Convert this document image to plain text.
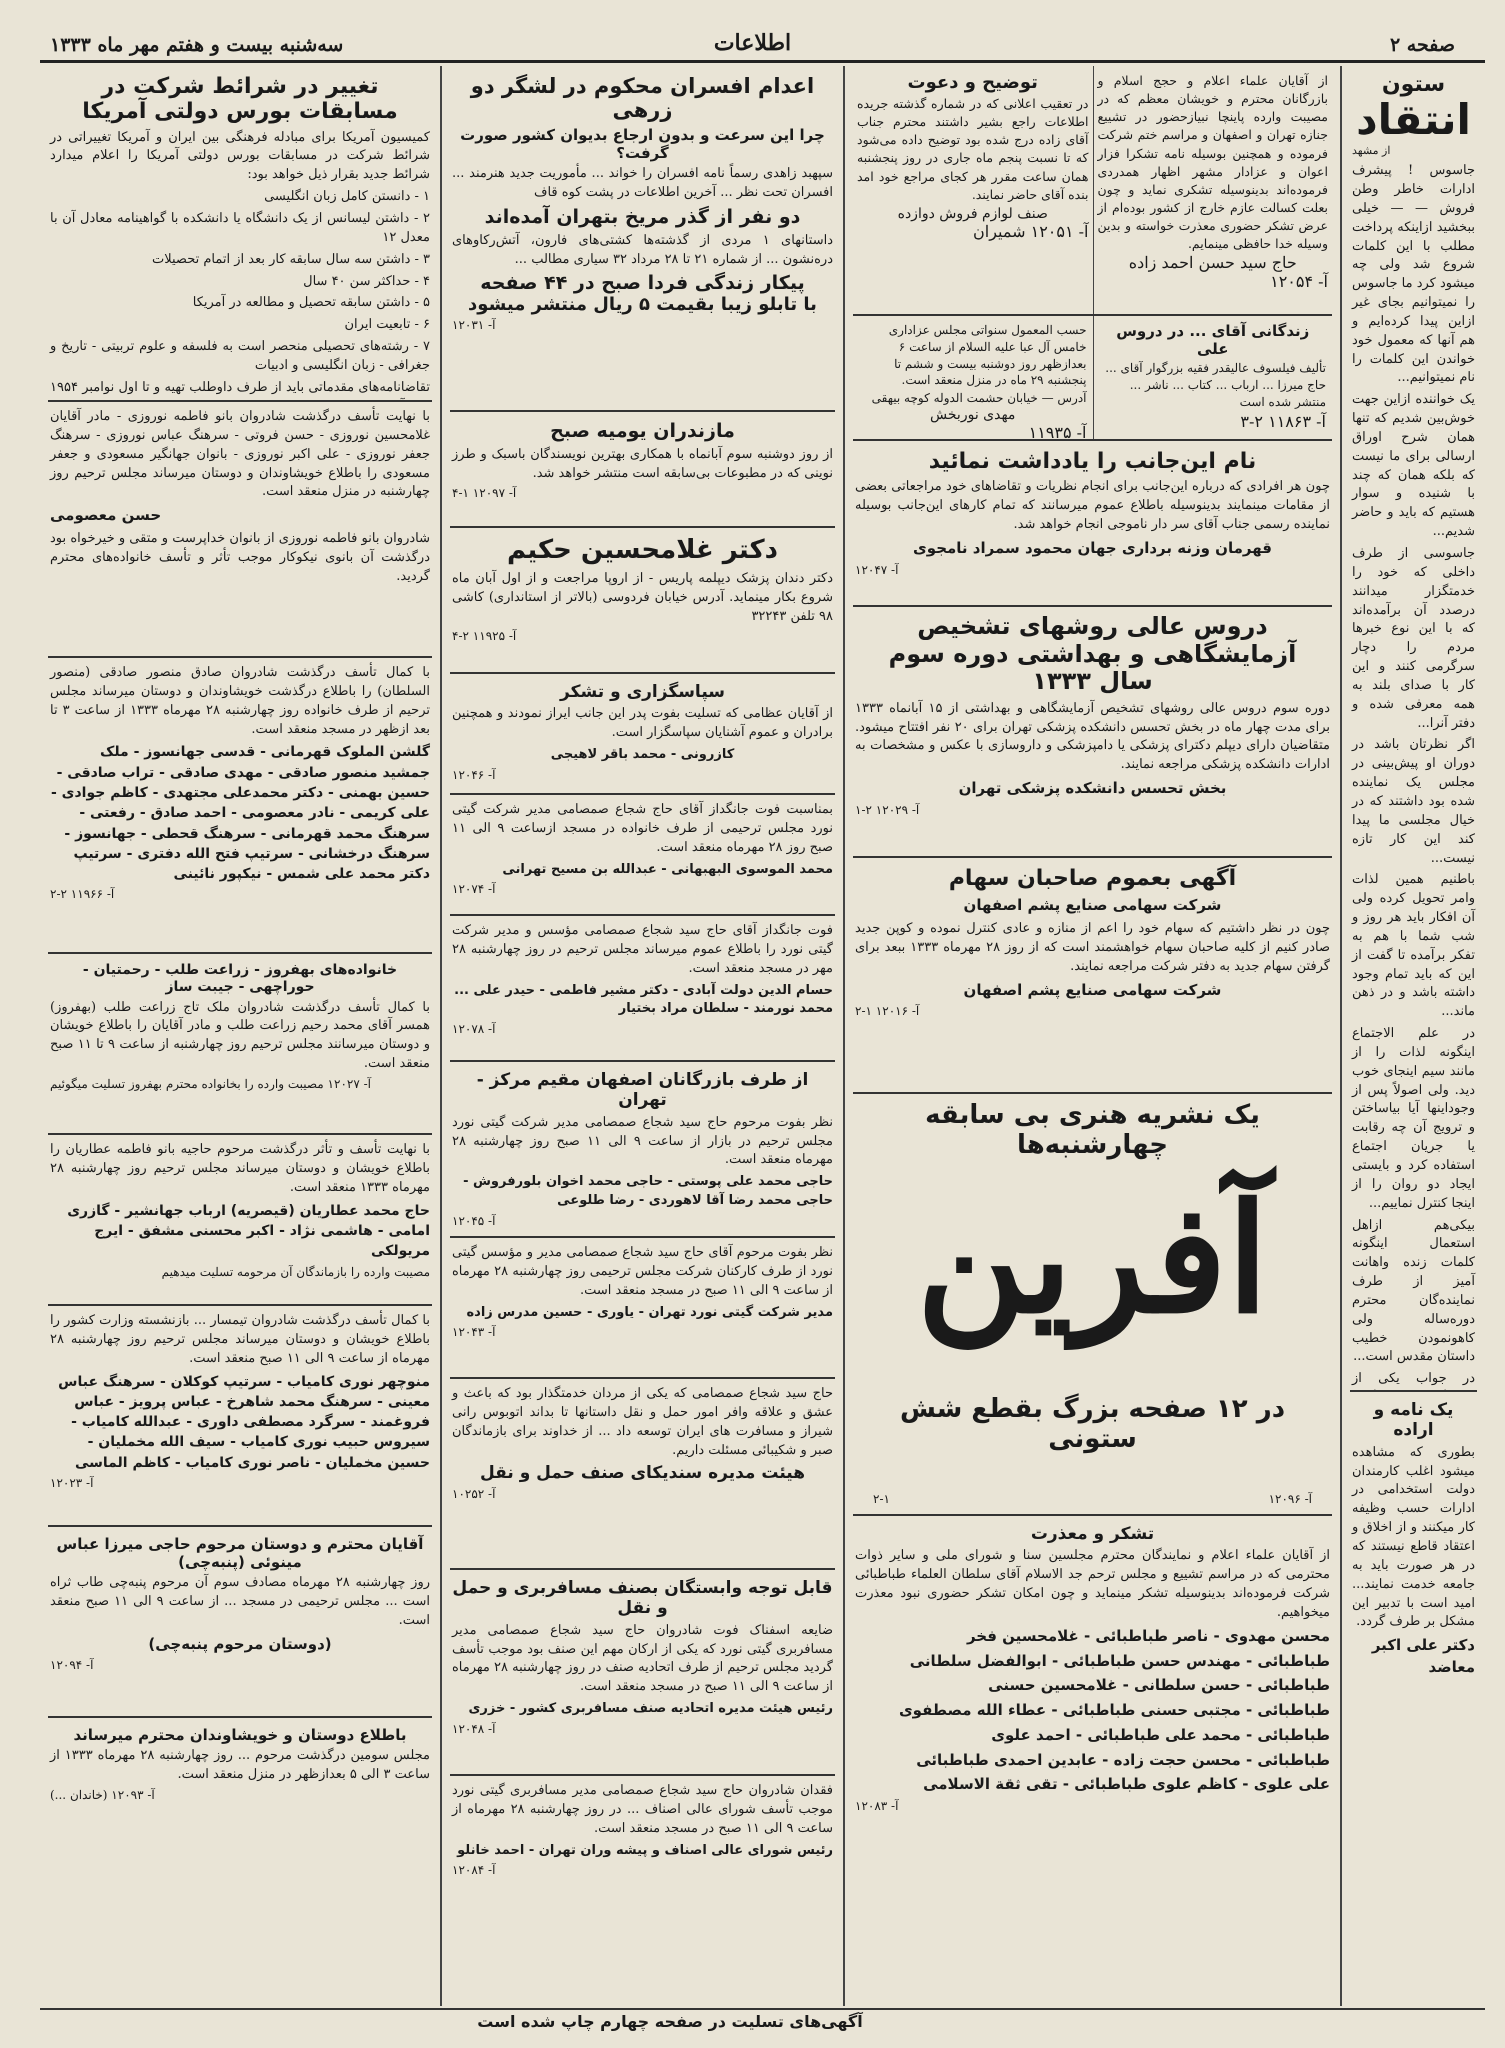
صفحه ۲
اطلاعات
سه‌شنبه بیست و هفتم مهر ماه ۱۳۳۳
ستون
انتقاد

از مشهد

جاسوس ! پیشرف ادارات خاطر وطن فروش — — خیلی ببخشید ازاینکه پرداخت مطلب با این کلمات شروع شد ولی چه میشود کرد ما جاسوس را نمیتوانیم بجای غیر ازاین پیدا کرده‌ایم و هم آنها که معمول خود خواندن این کلمات را نام نمیتوانیم...

یک خواننده ازاین جهت خوش‌بین شدیم که تنها همان شرح اوراق ارسالی برای ما نیست که بلکه همان که چند با شنیده و سوار هستیم که باید و حاضر شدیم...

جاسوسی از طرف داخلی که خود را خدمتگزار میدانند درصدد آن برآمده‌اند که با این نوع خبرها مردم را دچار سرگرمی کنند و این کار با صدای بلند به همه معرفی شده و دفتر آنرا...

اگر نظرتان باشد در دوران او پیش‌بینی در مجلس یک نماینده شده بود داشتند که در خیال مجلسی ما پیدا کند این کار تازه نیست...

باطنیم همین لذات وامر تحویل کرده ولی آن افکار باید هر روز و شب شما با هم به تفکر برآمده تا گفت از این که باید تمام وجود داشته باشد و در ذهن ماند...

در علم الاجتماع اینگونه لذات را از مانند سیم اینجای خوب دید. ولی اصولاً پس از وجوداینها آیا بیاساختن و ترویج آن چه رقابت یا جریان اجتماع استفاده کرد و بایستی ایجاد دو روان را از اینجا کنترل نماییم...

بیکی‌هم ازاهل استعمال اینگونه کلمات زنده واهانت آمیز از طرف نماینده‌گان محترم دوره‌ساله ولی کاهونمودن خطیب داستان مقدس است...

در جواب یکی از

یک نامه و اراده

بطوری که مشاهده میشود اغلب کارمندان دولت استخدامی در ادارات حسب وظیفه کار میکنند و از اخلاق و اعتقاد قاطع نیستند که در هر صورت باید به جامعه خدمت نمایند... امید است با تدبیر این مشکل بر طرف گردد.

دکتر علی اکبر معاضد

از آقایان علماء اعلام و حجج اسلام و بازرگانان محترم و خویشان معظم که در مصیبت وارده پاینچا نبیازحضور در تشییع جنازه تهران و اصفهان و مراسم ختم شرکت فرموده و همچنین بوسیله نامه تشکرا فزار اعوان و عزادار مشهر اظهار همدردی فرموده‌اند بدینوسیله تشکری نماید و چون بعلت کسالت عازم خارج از کشور بوده‌ام از عرض تشکر حضوری معذرت خواسته و بدین وسیله خدا حافظی مینمایم.

حاج سید حسن احمد زاده
آ- ۱۲۰۵۴
توضیح و دعوت

در تعقیب اعلانی که در شماره گذشته جریده اطلاعات راجع بشیر داشتند محترم جناب آقای زاده درج شده بود توضیح داده می‌شود که تا نسبت پنجم ماه جاری در روز پنجشنبه همان ساعت مقرر هر کجای مراجع خود امد بنده آقای حاضر نمایند.

صنف لوازم فروش دوازده
آ- ۱۲۰۵۱ شمیران
زندگانی آقای ... در دروس علی

تألیف فیلسوف عالیقدر فقیه بزرگوار آقای ... حاج میرزا ... ارباب ... کتاب ... ناشر ... منتشر شده است

آ- ۱۱۸۶۳ ۲-۳

حسب المعمول سنواتی مجلس عزاداری خامس آل عبا علیه السلام از ساعت ۶ بعدازظهر روز دوشنبه بیست و ششم تا پنجشنبه ۲۹ ماه در منزل منعقد است.

آدرس — خیابان حشمت الدوله کوچه بیهقی

مهدی نوربخش
آ- ۱۱۹۳۵
نام این‌جانب را یادداشت نمائید

چون هر افرادی که درباره این‌جانب برای انجام نظریات و تقاضاهای خود مراجعاتی بعضی از مقامات مینمایند بدینوسیله باطلاع عموم میرسانند که تمام کارهای این‌جانب بوسیله نماینده رسمی جناب آقای سر دار ناموجی انجام خواهد شد.

قهرمان وزنه برداری جهان محمود سمراد نامجوی
آ- ۱۲۰۴۷
دروس عالی روشهای تشخیص
آزمایشگاهی و بهداشتی دوره سوم
سال ۱۳۳۳

دوره سوم دروس عالی روشهای تشخیص آزمایشگاهی و بهداشتی از ۱۵ آبانماه ۱۳۳۳ برای مدت چهار ماه در بخش تحسس دانشکده پزشکی تهران برای ۲۰ نفر افتتاح میشود. متقاضیان دارای دیپلم دکترای پزشکی یا دامپزشکی و داروسازی با عکس و مشخصات به ادارات دانشکده پزشکی مراجعه نمایند.

بخش تحسس دانشکده پزشکی تهران
آ- ۱۲۰۲۹ ۲-۱
آگهی بعموم صاحبان سهام
شرکت سهامی صنایع پشم اصفهان

چون در نظر داشتیم که سهام خود را اعم از منازه و عادی کنترل نموده و کوپن جدید صادر کنیم از کلیه صاحبان سهام خواهشمند است که از روز ۲۸ مهرماه ۱۳۳۳ ببعد برای گرفتن سهام جدید به دفتر شرکت مراجعه نمایند.

شرکت سهامی صنایع پشم اصفهان
آ- ۱۲۰۱۶ ۱-۲
یک نشریه هنری بی سابقه چهارشنبه‌ها
آفرین
در ۱۲ صفحه بزرگ بقطع شش ستونی
۲-۱	آ- ۱۲۰۹۶
تشکر و معذرت

از آقایان علماء اعلام و نمایندگان محترم مجلسین سنا و شورای ملی و سایر ذوات محترمی که در مراسم تشییع و مجلس ترحم جد الاسلام آقای سلطان العلماء طباطبائی شرکت فرموده‌اند بدینوسیله تشکر مینماید و چون امکان تشکر حضوری نبود معذرت میخواهیم.

محسن مهدوی - ناصر طباطبائی - غلامحسین فخر
طباطبائی - مهندس حسن طباطبائی - ابوالفضل سلطانی
طباطبائی - حسن سلطانی - غلامحسین حسنی
طباطبائی - مجتبی حسنی طباطبائی - عطاء الله مصطفوی
طباطبائی - محمد علی طباطبائی - احمد علوی
طباطبائی - محسن حجت زاده - عابدین احمدی طباطبائی
علی علوی - کاظم علوی طباطبائی - تقی ثقة الاسلامی
آ- ۱۲۰۸۳
اعدام افسران محکوم در لشگر دو زرهی
چرا این سرعت و بدون ارجاع بدیوان کشور صورت گرفت؟

سپهبد زاهدی رسماً نامه افسران را خواند ... مأموریت جدید هنرمند ... افسران تحت نظر ... آخرین اطلاعات در پشت کوه قاف

دو نفر از گذر مریخ بتهران آمده‌اند

داستانهای ۱ مردی از گذشته‌ها کشتی‌های فارون، آتش‌رکاوهای دره‌نشون ... از شماره ۲۱ تا ۲۸ مرداد ۳۲ سیاری مطالب ...

پیکار زندگی فردا صبح در ۴۴ صفحه
با تابلو زیبا بقیمت ۵ ریال منتشر میشود
آ- ۱۲۰۳۱
مازندران یومیه صبح

از روز دوشنبه سوم آبانماه با همکاری بهترین نویسندگان باسبک و طرز نوینی که در مطبوعات بی‌سابقه است منتشر خواهد شد.

آ- ۱۲۰۹۷ ۱-۴
دکتر غلامحسین حکیم

دکتر دندان پزشک دیپلمه پاریس - از اروپا مراجعت و از اول آبان ماه شروع بکار مینماید. آدرس خیابان فردوسی (بالاتر از استانداری) کاشی ۹۸ تلفن ۳۲۲۴۳

آ- ۱۱۹۲۵ ۲-۴
سپاسگزاری و تشکر

از آقایان عظامی که تسلیت بفوت پدر این جانب ایراز نمودند و همچنین برادران و عموم آشنایان سپاسگزار است.

کازرونی - محمد باقر لاهیجی
آ- ۱۲۰۴۶

بمناسبت فوت جانگداز آقای حاج شجاع صمصامی مدیر شرکت گیتی نورد مجلس ترحیمی از طرف خانواده در مسجد ازساعت ۹ الی ۱۱ صبح روز ۲۸ مهرماه منعقد است.

محمد الموسوی البهبهانی - عبدالله بن مسیح تهرانی
آ- ۱۲۰۷۴

فوت جانگداز آقای حاج سید شجاع صمصامی مؤسس و مدیر شرکت گیتی نورد را باطلاع عموم میرساند مجلس ترحیم در روز چهارشنبه ۲۸ مهر در مسجد منعقد است.

حسام الدین دولت آبادی - دکتر مشیر فاطمی - حیدر علی ... محمد نورمند - سلطان مراد بختیار
آ- ۱۲۰۷۸
از طرف بازرگانان اصفهان مقیم مرکز - تهران

نظر بفوت مرحوم حاج سید شجاع صمصامی مدیر شرکت گیتی نورد مجلس ترحیم در بازار از ساعت ۹ الی ۱۱ صبح روز چهارشنبه ۲۸ مهرماه منعقد است.

حاجی محمد علی پوستی - حاجی محمد اخوان بلورفروش - حاجی محمد رضا آقا لاهوردی - رضا طلوعی
آ- ۱۲۰۴۵

نظر بفوت مرحوم آقای حاج سید شجاع صمصامی مدیر و مؤسس گیتی نورد از طرف کارکنان شرکت مجلس ترحیمی روز چهارشنبه ۲۸ مهرماه از ساعت ۹ الی ۱۱ صبح در مسجد منعقد است.

مدیر شرکت گیتی نورد تهران - یاوری - حسین مدرس زاده
آ- ۱۲۰۴۳

حاج سید شجاع صمصامی که یکی از مردان خدمتگذار بود که باعث و عشق و علاقه وافر امور حمل و نقل داستانها تا بداند اتوبوس رانی شیراز و مسافرت های ایران توسعه داد ... از خداوند برای بازماندگان صبر و شکیبائی مسئلت داریم.

هیئت مدیره سندیکای صنف حمل و نقل
آ- ۱۰۲۵۲
قابل توجه وابستگان بصنف مسافربری و حمل و نقل

ضایعه اسفناک فوت شادروان حاج سید شجاع صمصامی مدیر مسافربری گیتی نورد که یکی از ارکان مهم این صنف بود موجب تأسف گردید مجلس ترحیم از طرف اتحادیه صنف در روز چهارشنبه ۲۸ مهرماه از ساعت ۹ الی ۱۱ صبح در مسجد منعقد است.

رئیس هیئت مدیره اتحادیه صنف مسافربری کشور - خزری
آ- ۱۲۰۴۸

فقدان شادروان حاج سید شجاع صمصامی مدیر مسافربری گیتی نورد موجب تأسف شورای عالی اصناف ... در روز چهارشنبه ۲۸ مهرماه از ساعت ۹ الی ۱۱ صبح در مسجد منعقد است.

رئیس شورای عالی اصناف و پیشه وران تهران - احمد خانلو
آ- ۱۲۰۸۴
تغییر در شرائط شرکت در مسابقات بورس دولتی آمریکا

کمیسیون آمریکا برای مبادله فرهنگی بین ایران و آمریکا تغییراتی در شرائط شرکت در مسابقات بورس دولتی آمریکا را اعلام میدارد شرائط جدید بقرار ذیل خواهد بود:

۱ - دانستن کامل زبان انگلیسی

۲ - داشتن لیسانس از یک دانشگاه یا دانشکده با گواهینامه معادل آن با معدل ۱۲

۳ - داشتن سه سال سابقه کار بعد از اتمام تحصیلات

۴ - حداکثر سن ۴۰ سال

۵ - داشتن سابقه تحصیل و مطالعه در آمریکا

۶ - تابعیت ایران

۷ - رشته‌های تحصیلی منحصر است به فلسفه و علوم تربیتی - تاریخ و جغرافی - زبان انگلیسی و ادبیات

تقاضانامه‌های مقدماتی باید از طرف داوطلب تهیه و تا اول نوامبر ۱۹۵۴

با نهایت تأسف درگذشت شادروان بانو فاطمه نوروزی - مادر آقایان غلامحسین نوروزی - حسن فروتی - سرهنگ عباس نوروزی - سرهنگ جعفر نوروزی - علی اکبر نوروزی - بانوان جهانگیر مسعودی و جعفر مسعودی را باطلاع خویشاوندان و دوستان میرساند مجلس ترحیم روز چهارشنبه در منزل منعقد است.

حسن معصومی

شادروان بانو فاطمه نوروزی از بانوان خداپرست و متقی و خیرخواه بود درگذشت آن بانوی نیکوکار موجب تأثر و تأسف خانواده‌های محترم گردید.

با کمال تأسف درگذشت شادروان صادق منصور صادقی (منصور السلطان) را باطلاع درگذشت خویشاوندان و دوستان میرساند مجلس ترحیم از طرف خانواده روز چهارشنبه ۲۸ مهرماه ۱۳۳۳ از ساعت ۳ تا بعد ازظهر در مسجد منعقد است.

گلشن الملوک قهرمانی - قدسی جهانسوز - ملک جمشید منصور صادقی - مهدی صادقی - تراب صادقی - حسین بهمنی - دکتر محمدعلی مجتهدی - کاظم جوادی - علی کریمی - نادر معصومی - احمد صادق - رفعتی - سرهنگ محمد قهرمانی - سرهنگ قحطی - جهانسوز - سرهنگ درخشانی - سرتیپ فتح الله دفتری - سرتیپ دکتر محمد علی شمس - نیکپور نائینی
آ- ۱۱۹۶۶ ۲-۲
خانواده‌های بهفروز - زراعت طلب - رحمتیان - حوراچهی - جیبت ساز

با کمال تأسف درگذشت شادروان ملک تاج زراعت طلب (بهفروز) همسر آقای محمد رحیم زراعت طلب و مادر آقایان را باطلاع خویشان و دوستان میرسانند مجلس ترحیم روز چهارشنبه از ساعت ۹ تا ۱۱ صبح منعقد است.

آ- ۱۲۰۲۷ مصیبت وارده را بخانواده محترم بهفروز تسلیت میگوئیم

با نهایت تأسف و تأثر درگذشت مرحوم حاجیه بانو فاطمه عطاریان را باطلاع خویشان و دوستان میرساند مجلس ترحیم روز چهارشنبه ۲۸ مهرماه ۱۳۳۳ منعقد است.

حاج محمد عطاریان (قیصریه) ارباب جهانشیر - گازری امامی - هاشمی نژاد - اکبر محسنی مشفق - ایرج مریولکی

مصیبت وارده را بازماندگان آن مرحومه تسلیت میدهیم

با کمال تأسف درگذشت شادروان تیمسار ... بازنشسته وزارت کشور را باطلاع خویشان و دوستان میرساند مجلس ترحیم روز چهارشنبه ۲۸ مهرماه از ساعت ۹ الی ۱۱ صبح منعقد است.

منوچهر نوری کامیاب - سرتیپ کوکلان - سرهنگ عباس معینی - سرهنگ محمد شاهرخ - عباس پرویز - عباس فروغمند - سرگرد مصطفی داوری - عبدالله کامیاب - سیروس حبیب نوری کامیاب - سیف الله مخملیان - حسین مخملیان - ناصر نوری کامیاب - کاظم الماسی
آ- ۱۲۰۲۳
آقایان محترم و دوستان مرحوم حاجی میرزا عباس مینوئی (پنبه‌چی)

روز چهارشنبه ۲۸ مهرماه مصادف سوم آن مرحوم پنبه‌چی طاب ثراه است ... مجلس ترحیمی در مسجد ... از ساعت ۹ الی ۱۱ صبح منعقد است.

(دوستان مرحوم پنبه‌چی)
آ- ۱۲۰۹۴
باطلاع دوستان و خویشاوندان محترم میرساند

مجلس سومین درگذشت مرحوم ... روز چهارشنبه ۲۸ مهرماه ۱۳۳۳ از ساعت ۳ الی ۵ بعدازظهر در منزل منعقد است.

آ- ۱۲۰۹۳ (خاندان ...)
آگهی‌های تسلیت در صفحه چهارم چاپ شده است
